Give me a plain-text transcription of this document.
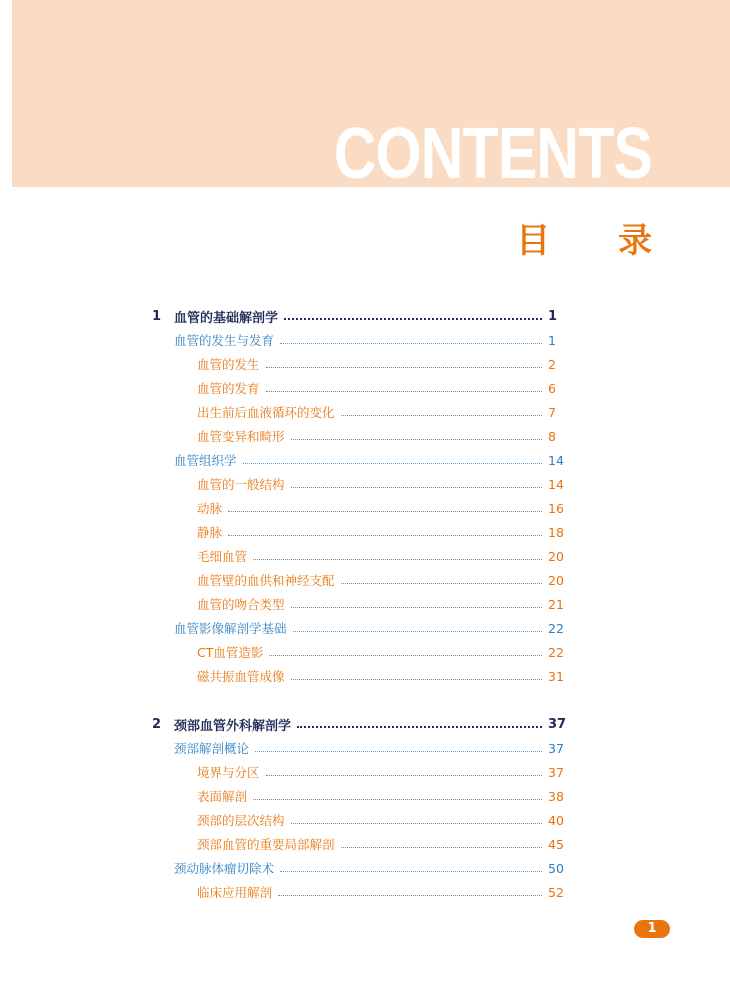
CONTENTS
目 录
1 血管的基础解剖学	1
血管的发生与发育	1
血管的发生	2
血管的发育	6
出生前后血液循环的变化	7
血管变异和畸形	8
血管组织学	14
血管的一般结构	14
动脉	16
静脉	18
毛细血管	20
血管壁的血供和神经支配	20
血管的吻合类型	21
血管影像解剖学基础	22
CT血管造影	22
磁共振血管成像	31
2 颈部血管外科解剖学	37
颈部解剖概论	37
境界与分区	37
表面解剖	38
颈部的层次结构	40
颈部血管的重要局部解剖	45
颈动脉体瘤切除术	50
临床应用解剖	52
1
